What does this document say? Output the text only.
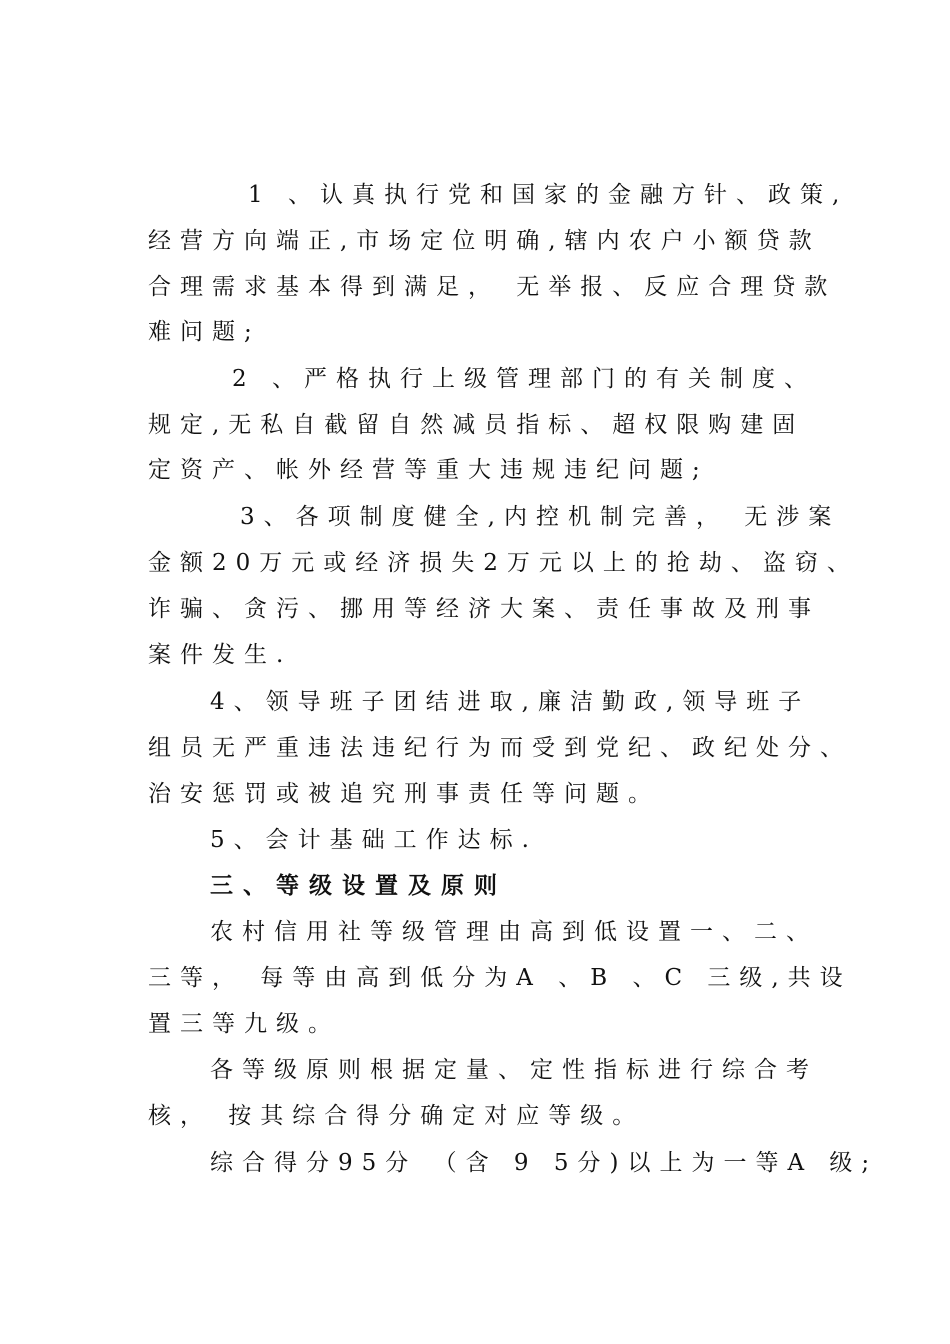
1 、认真执行党和国家的金融方针、政策,
经营方向端正,市场定位明确,辖内农户小额贷款
合理需求基本得到满足， 无举报、反应合理贷款
难问题;
2 、严格执行上级管理部门的有关制度、
规定,无私自截留自然减员指标、超权限购建固
定资产、帐外经营等重大违规违纪问题;
3、各项制度健全,内控机制完善， 无涉案
金额20万元或经济损失2万元以上的抢劫、盗窃、
诈骗、贪污、挪用等经济大案、责任事故及刑事
案件发生.
4、领导班子团结进取,廉洁勤政,领导班子
组员无严重违法违纪行为而受到党纪、政纪处分、
治安惩罚或被追究刑事责任等问题。
5、会计基础工作达标.
三、等级设置及原则
农村信用社等级管理由高到低设置一、二、
三等， 每等由高到低分为A 、B 、C 三级,共设
置三等九级。
各等级原则根据定量、定性指标进行综合考
核， 按其综合得分确定对应等级。
综合得分95分 （含 9 5分)以上为一等A 级;
